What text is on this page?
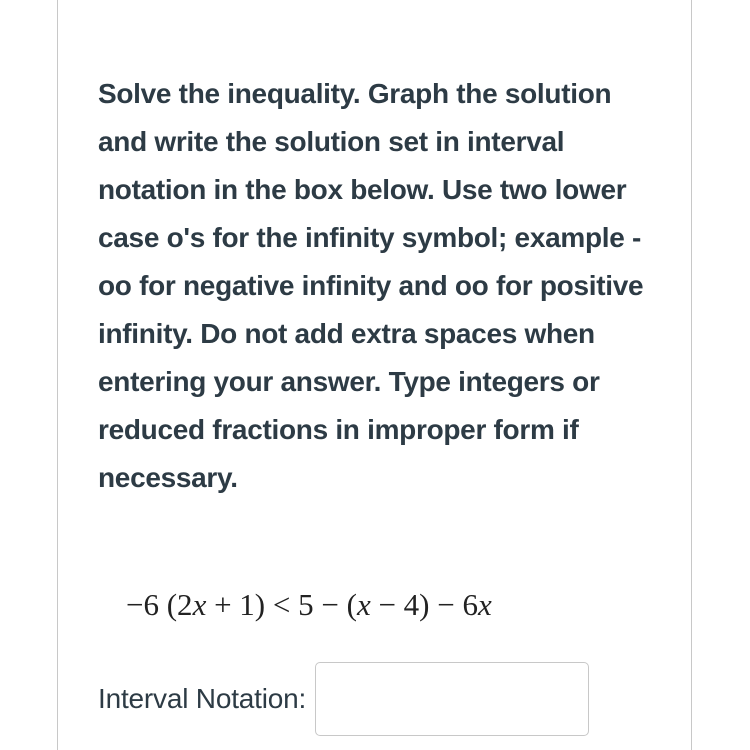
Solve the inequality. Graph the solution and write the solution set in interval notation in the box below. Use two lower case o's for the infinity symbol; example -oo for negative infinity and oo for positive infinity. Do not add extra spaces when entering your answer. Type integers or reduced fractions in improper form if necessary.

−6 (2x + 1) < 5 − (x − 4) − 6x

Interval Notation:
